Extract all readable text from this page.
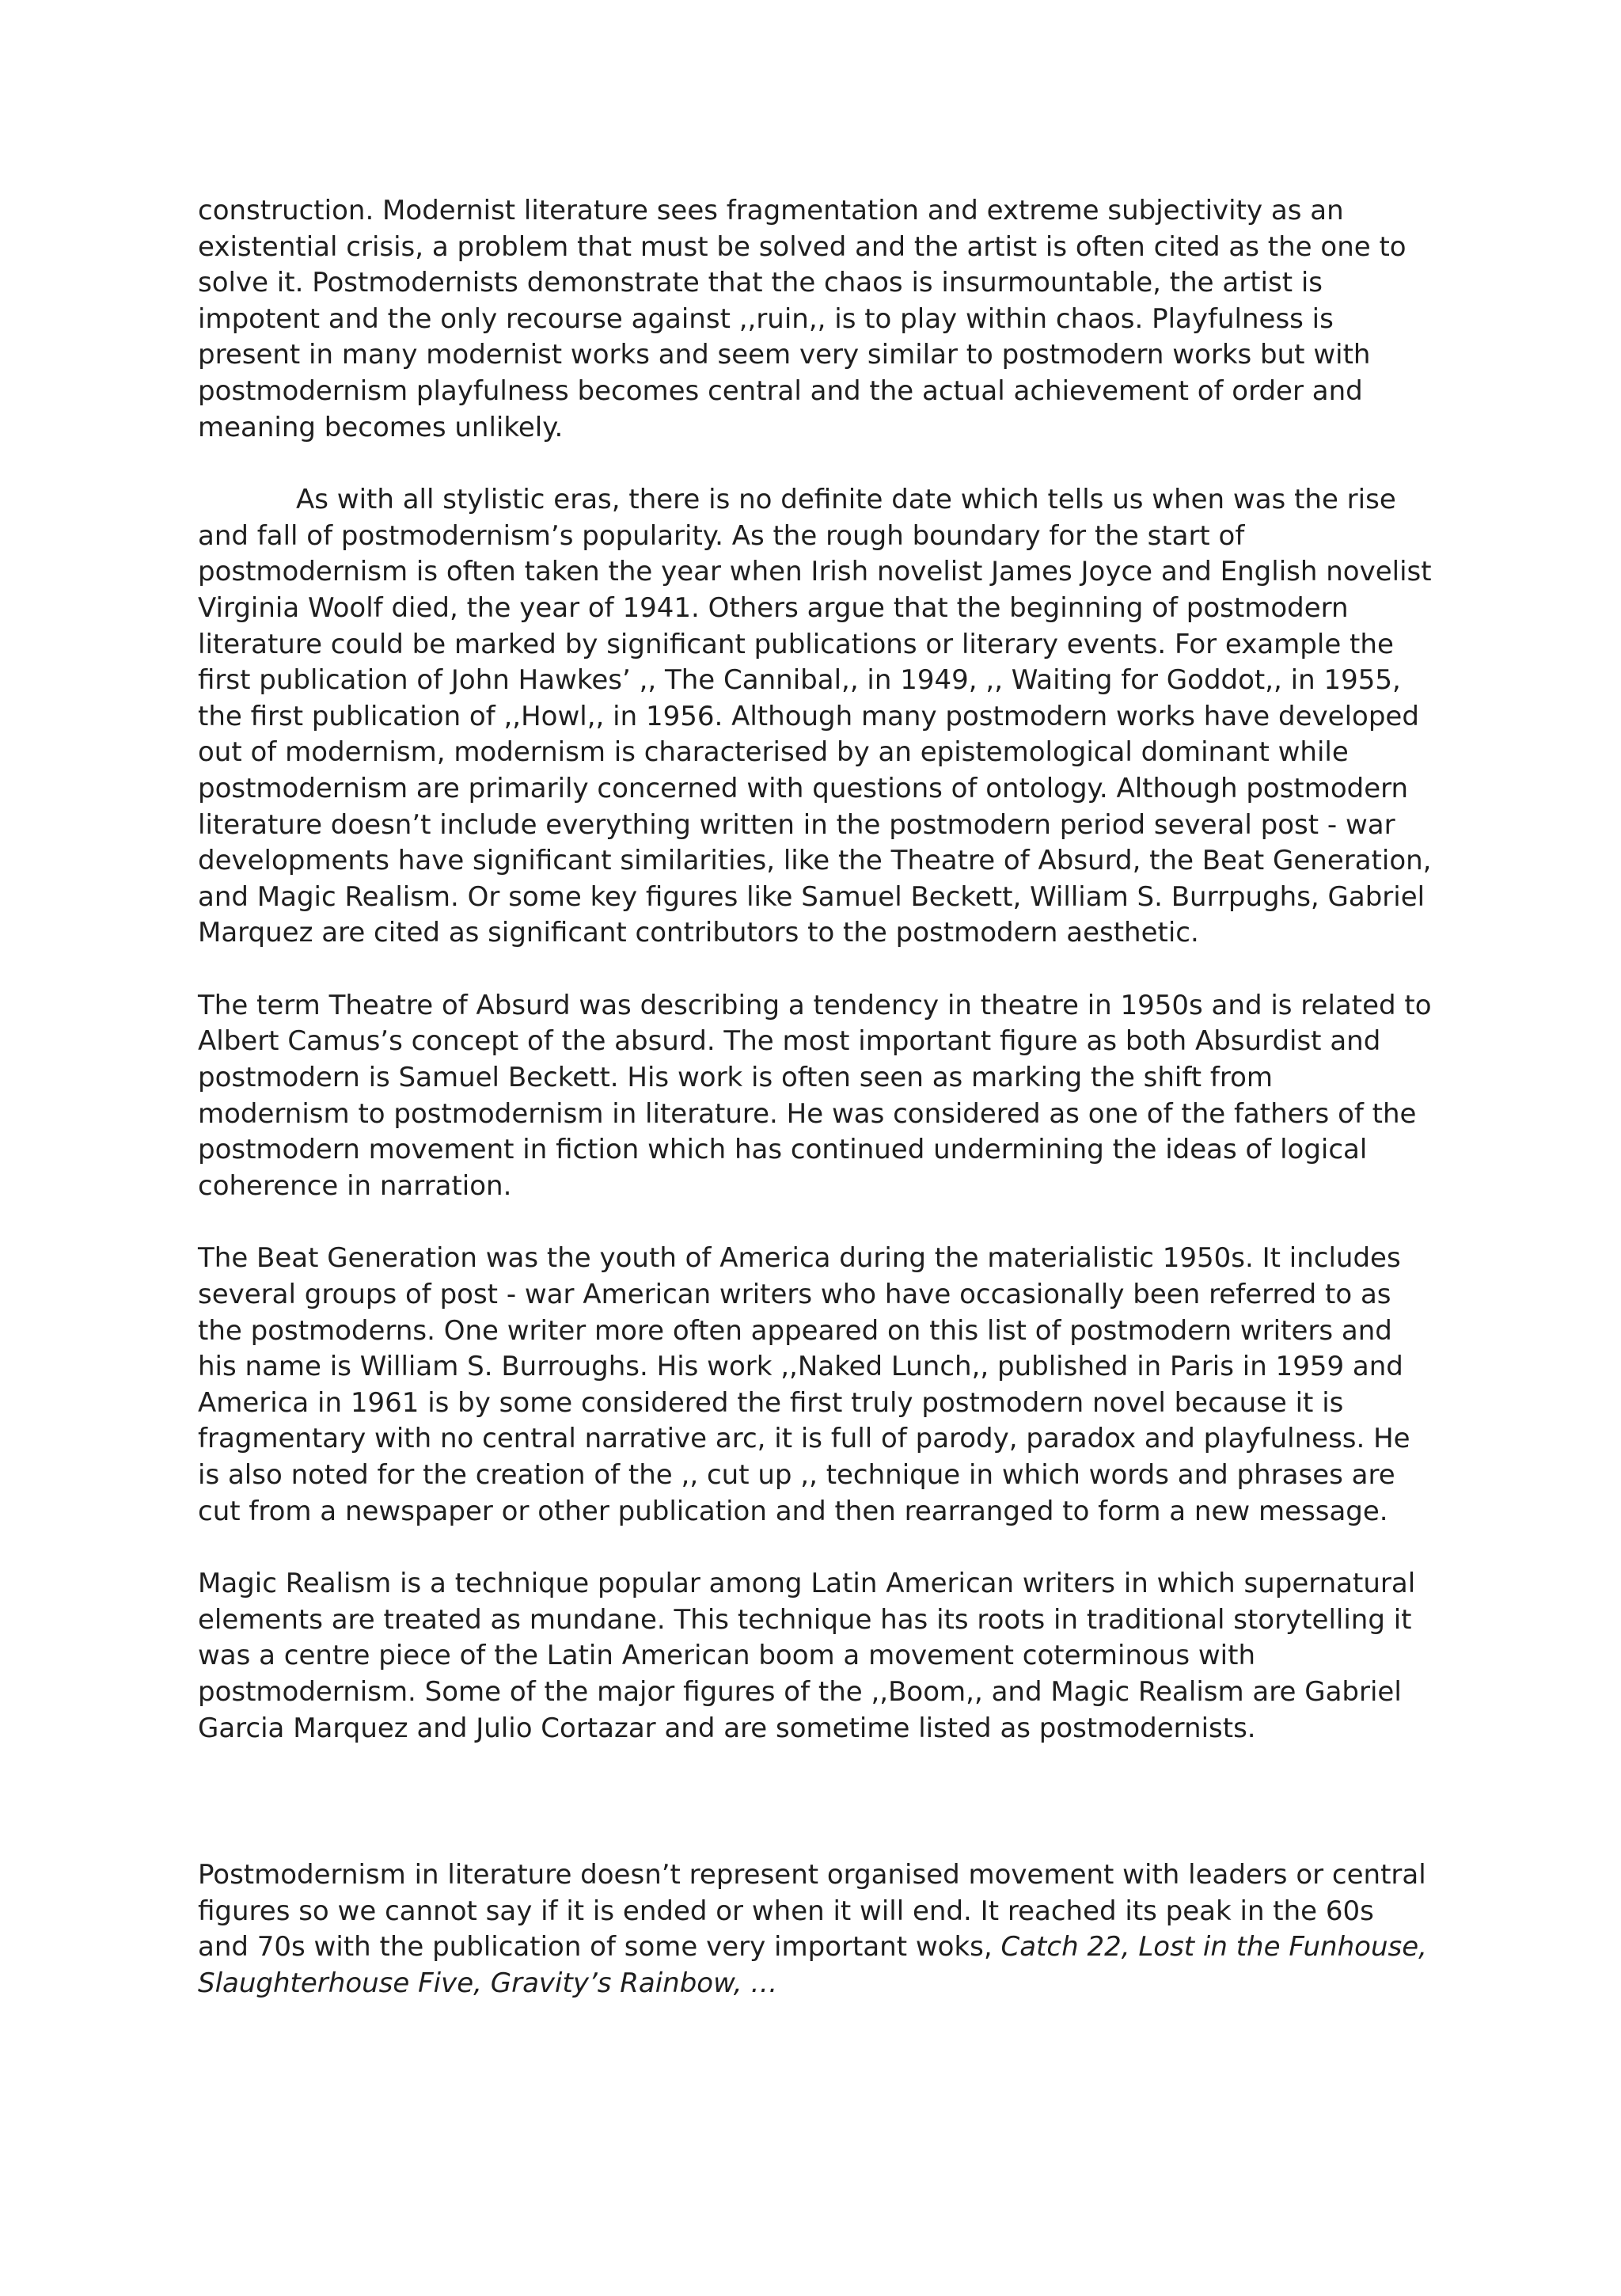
construction. Modernist literature sees fragmentation and extreme subjectivity as an existential crisis, a problem that must be solved and the artist is often cited as the one to solve it. Postmodernists demonstrate that the chaos is insurmountable, the artist is impotent and the only recourse against ,,ruin,, is to play within chaos. Playfulness is present in many modernist works and seem very similar to postmodern works but with postmodernism playfulness becomes central and the actual achievement of order and meaning becomes unlikely.

As with all stylistic eras, there is no definite date which tells us when was the rise and fall of postmodernism’s popularity. As the rough boundary for the start of postmodernism is often taken the year when Irish novelist James Joyce and English novelist Virginia Woolf died, the year of 1941. Others argue that the beginning of postmodern literature could be marked by significant publications or literary events. For example the first publication of John Hawkes’ ,, The Cannibal,, in 1949, ,, Waiting for Goddot,, in 1955, the first publication of ,,Howl,, in 1956. Although many postmodern works have developed out of modernism, modernism is characterised by an epistemological dominant while postmodernism are primarily concerned with questions of ontology. Although postmodern literature doesn’t include everything written in the postmodern period several post - war developments have significant similarities, like the Theatre of Absurd, the Beat Generation, and Magic Realism. Or some key figures like Samuel Beckett, William S. Burrpughs, Gabriel Marquez are cited as significant contributors to the postmodern aesthetic.

The term Theatre of Absurd was describing a tendency in theatre in 1950s and is related to Albert Camus’s concept of the absurd. The most important figure as both Absurdist and postmodern is Samuel Beckett. His work is often seen as marking the shift from modernism to postmodernism in literature. He was considered as one of the fathers of the postmodern movement in fiction which has continued undermining the ideas of logical coherence in narration.

The Beat Generation was the youth of America during the materialistic 1950s. It includes several groups of post - war American writers who have occasionally been referred to as the postmoderns. One writer more often appeared on this list of postmodern writers and his name is William S. Burroughs. His work ,,Naked Lunch,, published in Paris in 1959 and America in 1961 is by some considered the first truly postmodern novel because it is fragmentary with no central narrative arc, it is full of parody, paradox and playfulness. He is also noted for the creation of the ,, cut up ,, technique in which words and phrases are cut from a newspaper or other publication and then rearranged to form a new message.

Magic Realism is a technique popular among Latin American writers in which supernatural elements are treated as mundane. This technique has its roots in traditional storytelling it was a centre piece of the Latin American boom a movement coterminous with postmodernism. Some of the major figures of the ,,Boom,, and Magic Realism are Gabriel Garcia Marquez and Julio Cortazar and are sometime listed as postmodernists.

Postmodernism in literature doesn’t represent organised movement with leaders or central figures so we cannot say if it is ended or when it will end. It reached its peak in the 60s and 70s with the publication of some very important woks, Catch 22, Lost in the Funhouse, Slaughterhouse Five, Gravity’s Rainbow, …
